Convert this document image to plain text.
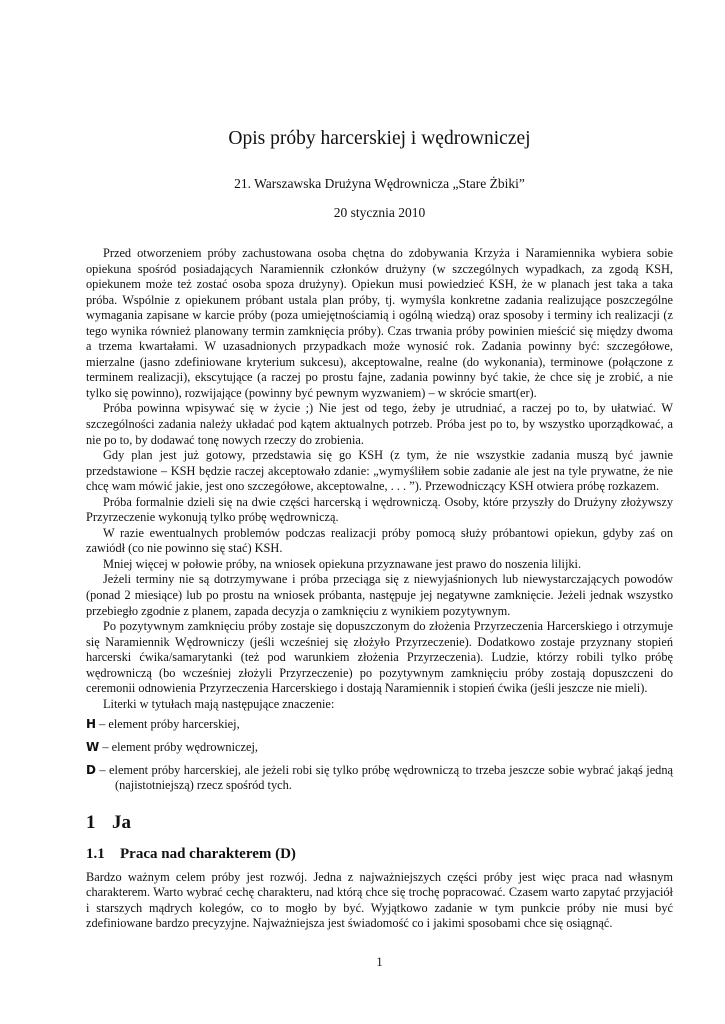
Opis próby harcerskiej i wędrowniczej
21. Warszawska Drużyna Wędrownicza „Stare Żbiki”
20 stycznia 2010

Przed otworzeniem próby zachustowana osoba chętna do zdobywania Krzyża i Naramiennika wybiera sobie opiekuna spośród posiadających Naramiennik członków drużyny (w szczególnych wypadkach, za zgodą KSH, opiekunem może też zostać osoba spoza drużyny). Opiekun musi powiedzieć KSH, że w planach jest taka a taka próba. Wspólnie z opiekunem próbant ustala plan próby, tj. wymyśla konkretne zadania realizujące poszczególne wymagania zapisane w karcie próby (poza umiejętnościamią i ogólną wiedzą) oraz sposoby i terminy ich realizacji (z tego wynika również planowany termin zamknięcia próby). Czas trwania próby powinien mieścić się między dwoma a trzema kwartałami. W uzasadnionych przypadkach może wynosić rok. Zadania powinny być: szczegółowe, mierzalne (jasno zdefiniowane kryterium sukcesu), akceptowalne, realne (do wykonania), terminowe (połączone z terminem realizacji), ekscytujące (a raczej po prostu fajne, zadania powinny być takie, że chce się je zrobić, a nie tylko się powinno), rozwijające (powinny być pewnym wyzwaniem) – w skrócie smart(er).

Próba powinna wpisywać się w życie ;) Nie jest od tego, żeby je utrudniać, a raczej po to, by ułatwiać. W szczególności zadania należy układać pod kątem aktualnych potrzeb. Próba jest po to, by wszystko uporządkować, a nie po to, by dodawać tonę nowych rzeczy do zrobienia.

Gdy plan jest już gotowy, przedstawia się go KSH (z tym, że nie wszystkie zadania muszą być jawnie przedstawione – KSH będzie raczej akceptowało zdanie: „wymyśliłem sobie zadanie ale jest na tyle prywatne, że nie chcę wam mówić jakie, jest ono szczegółowe, akceptowalne, . . . ”). Przewodniczący KSH otwiera próbę rozkazem.

Próba formalnie dzieli się na dwie części harcerską i wędrowniczą. Osoby, które przyszły do Drużyny złożywszy Przyrzeczenie wykonują tylko próbę wędrowniczą.

W razie ewentualnych problemów podczas realizacji próby pomocą służy próbantowi opiekun, gdyby zaś on zawiódł (co nie powinno się stać) KSH.

Mniej więcej w połowie próby, na wniosek opiekuna przyznawane jest prawo do noszenia lilijki.

Jeżeli terminy nie są dotrzymywane i próba przeciąga się z niewyjaśnionych lub niewystarczających powodów (ponad 2 miesiące) lub po prostu na wniosek próbanta, następuje jej negatywne zamknięcie. Jeżeli jednak wszystko przebiegło zgodnie z planem, zapada decyzja o zamknięciu z wynikiem pozytywnym.

Po pozytywnym zamknięciu próby zostaje się dopuszczonym do złożenia Przyrzeczenia Harcerskiego i otrzymuje się Naramiennik Wędrowniczy (jeśli wcześniej się złożyło Przyrzeczenie). Dodatkowo zostaje przyznany stopień harcerski ćwika/samarytanki (też pod warunkiem złożenia Przyrzeczenia). Ludzie, którzy robili tylko próbę wędrowniczą (bo wcześniej złożyli Przyrzeczenie) po pozytywnym zamknięciu próby zostają dopuszczeni do ceremonii odnowienia Przyrzeczenia Harcerskiego i dostają Naramiennik i stopień ćwika (jeśli jeszcze nie mieli).

Literki w tytułach mają następujące znaczenie:

H – element próby harcerskiej,
W – element próby wędrowniczej,
D – element próby harcerskiej, ale jeżeli robi się tylko próbę wędrowniczą to trzeba jeszcze sobie wybrać jakąś jedną (najistotniejszą) rzecz spośród tych.
1 Ja
1.1 Praca nad charakterem (D)

Bardzo ważnym celem próby jest rozwój. Jedna z najważniejszych części próby jest więc praca nad własnym charakterem. Warto wybrać cechę charakteru, nad którą chce się trochę popracować. Czasem warto zapytać przyjaciół i starszych mądrych kolegów, co to mogło by być. Wyjątkowo zadanie w tym punkcie próby nie musi być zdefiniowane bardzo precyzyjne. Najważniejsza jest świadomość co i jakimi sposobami chce się osiągnąć.

1
